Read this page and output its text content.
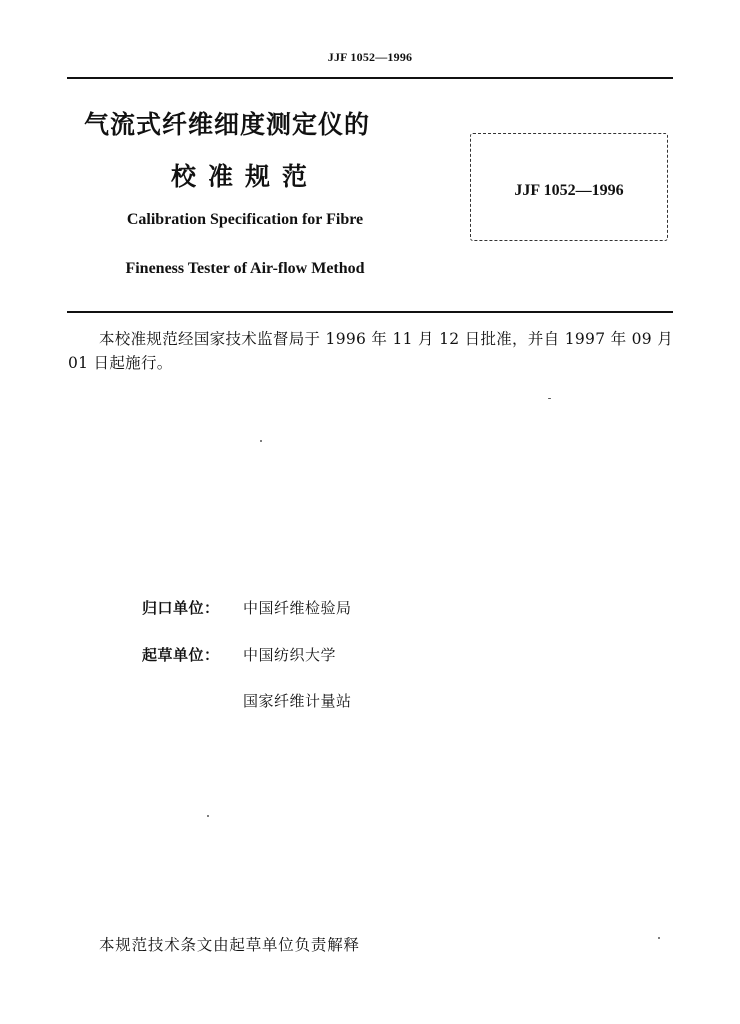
JJF 1052—1996
气流式纤维细度测定仪的
校准规范
Calibration Specification for Fibre
Fineness Tester of Air-flow Method
JJF 1052—1996
本校准规范经国家技术监督局于 1996 年 11 月 12 日批准，并自 1997 年 09 月 01 日起施行。
归口单位： 中国纤维检验局
起草单位： 中国纺织大学
国家纤维计量站
本规范技术条文由起草单位负责解释
